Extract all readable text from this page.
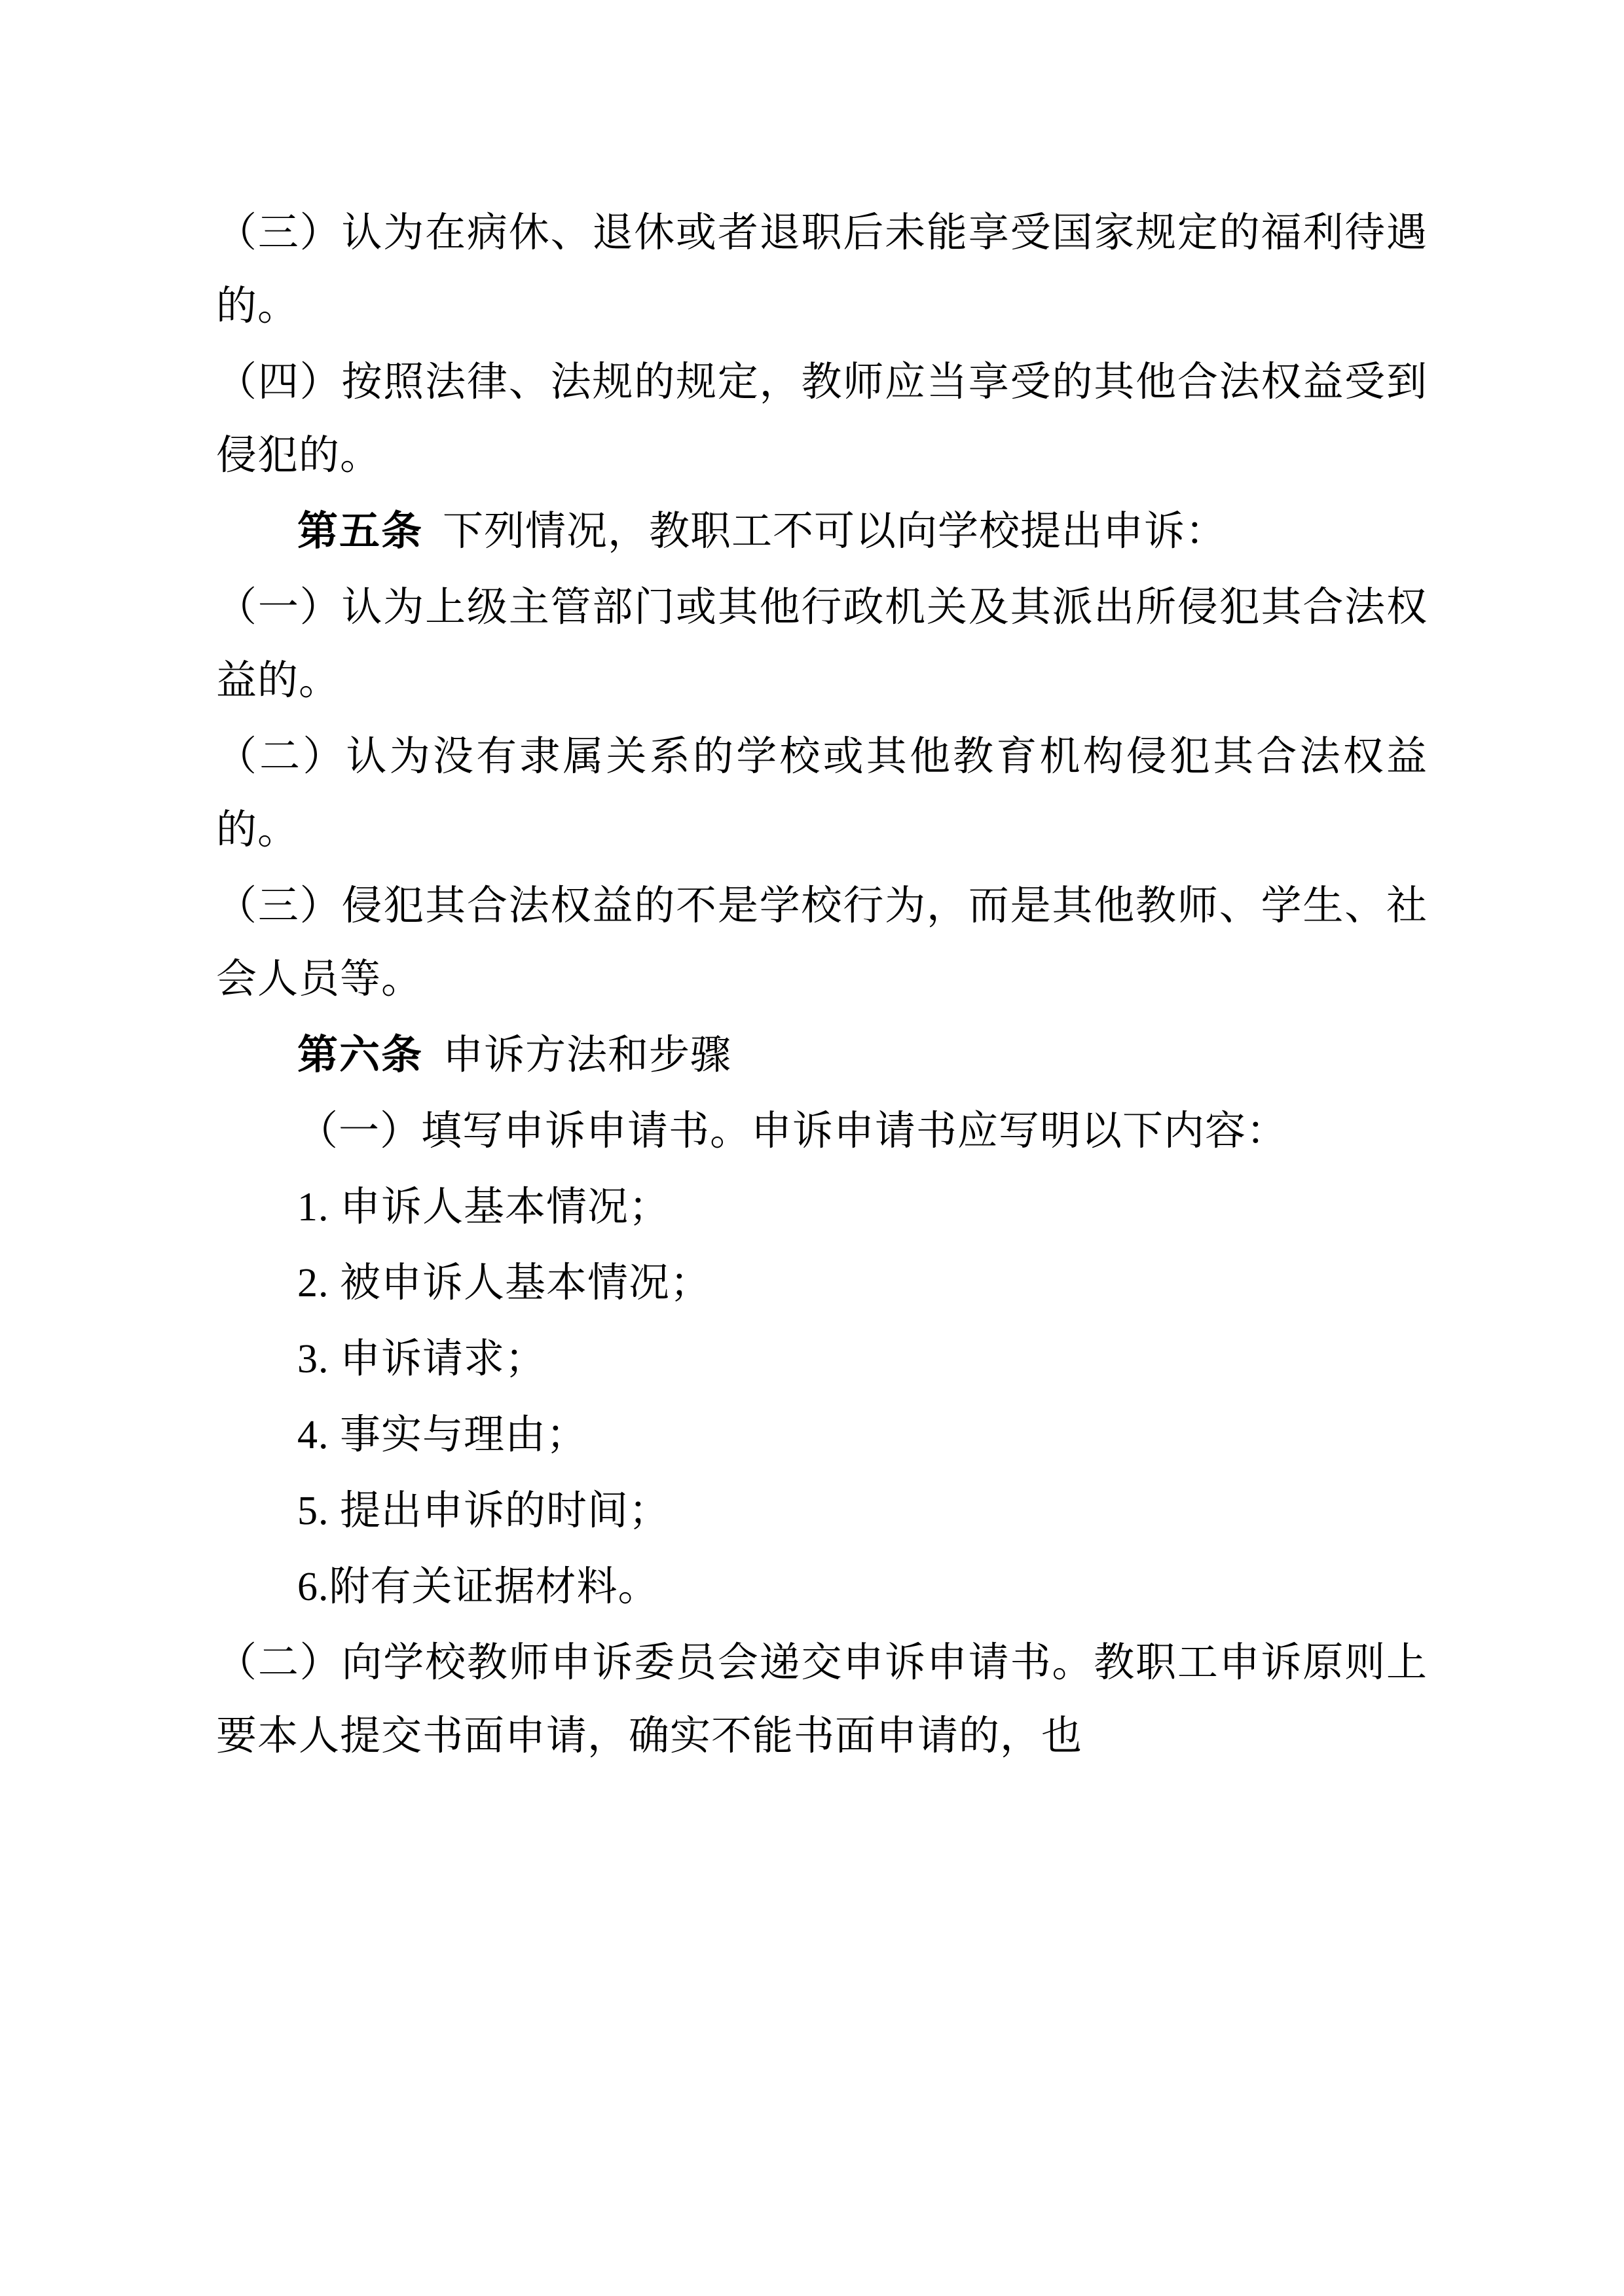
（三）认为在病休、退休或者退职后未能享受国家规定的福利待遇的。

（四）按照法律、法规的规定，教师应当享受的其他合法权益受到侵犯的。

第五条 下列情况，教职工不可以向学校提出申诉：

（一）认为上级主管部门或其他行政机关及其派出所侵犯其合法权益的。

（二）认为没有隶属关系的学校或其他教育机构侵犯其合法权益的。

（三）侵犯其合法权益的不是学校行为，而是其他教师、学生、社会人员等。

第六条 申诉方法和步骤

（一）填写申诉申请书。申诉申请书应写明以下内容：

1. 申诉人基本情况；

2. 被申诉人基本情况；

3. 申诉请求；

4. 事实与理由；

5. 提出申诉的时间；

6.附有关证据材料。

（二）向学校教师申诉委员会递交申诉申请书。教职工申诉原则上要本人提交书面申请，确实不能书面申请的，也
